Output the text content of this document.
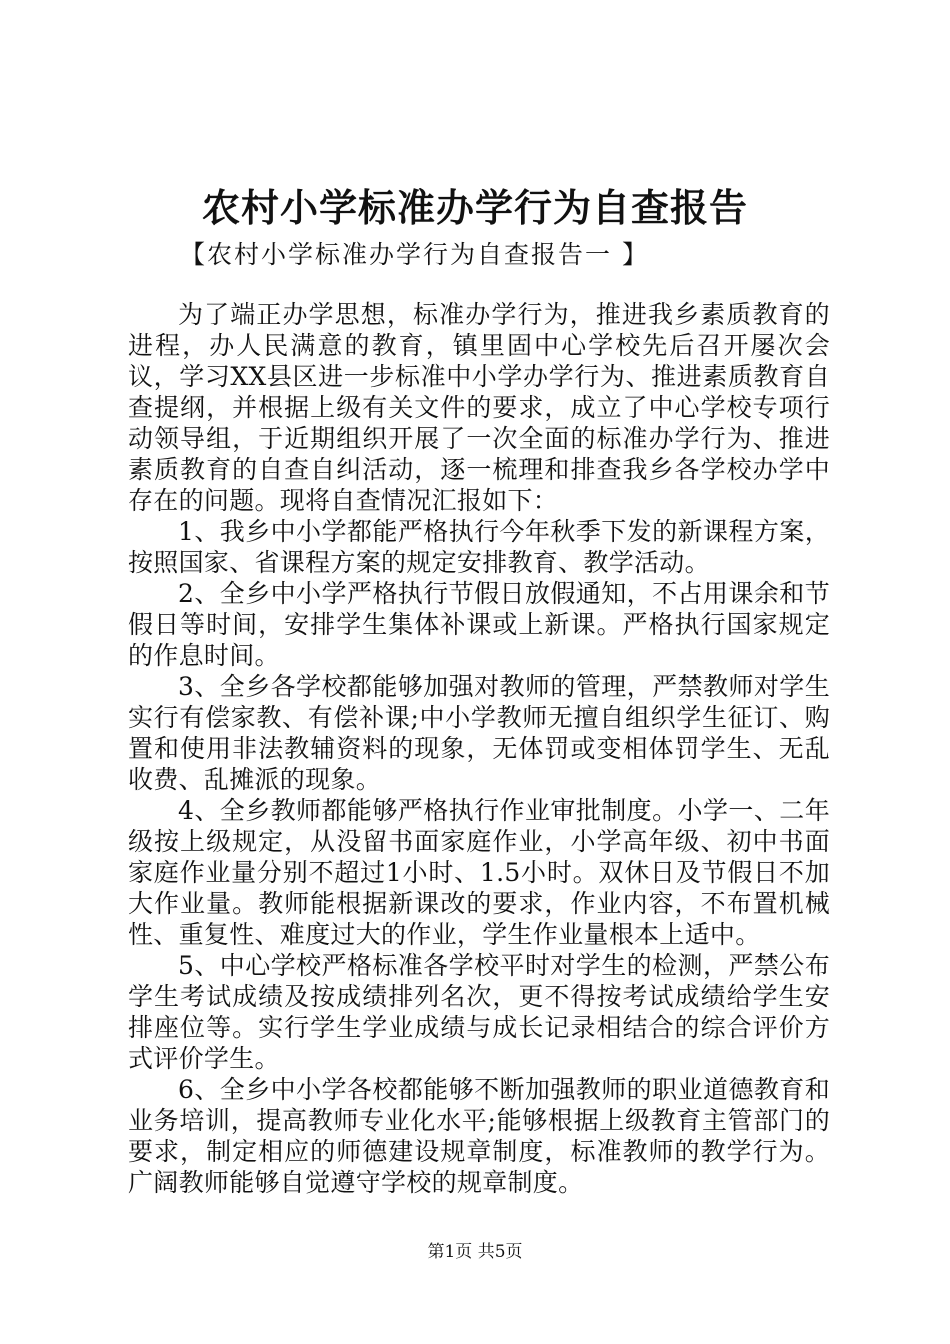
农村小学标准办学行为自查报告

【农村小学标准办学行为自查报告一 】

为了端正办学思想，标准办学行为，推进我乡素质教育的进程，办人民满意的教育，镇里固中心学校先后召开屡次会议，学习XX县区进一步标准中小学办学行为、推进素质教育自查提纲，并根据上级有关文件的要求，成立了中心学校专项行动领导组，于近期组织开展了一次全面的标准办学行为、推进素质教育的自查自纠活动，逐一梳理和排查我乡各学校办学中存在的问题。现将自查情况汇报如下：

1、我乡中小学都能严格执行今年秋季下发的新课程方案，按照国家、省课程方案的规定安排教育、教学活动。

2、全乡中小学严格执行节假日放假通知，不占用课余和节假日等时间，安排学生集体补课或上新课。严格执行国家规定的作息时间。

3、全乡各学校都能够加强对教师的管理，严禁教师对学生实行有偿家教、有偿补课;中小学教师无擅自组织学生征订、购置和使用非法教辅资料的现象，无体罚或变相体罚学生、无乱收费、乱摊派的现象。

4、全乡教师都能够严格执行作业审批制度。小学一、二年级按上级规定，从没留书面家庭作业，小学高年级、初中书面家庭作业量分别不超过1小时、1.5小时。双休日及节假日不加大作业量。教师能根据新课改的要求，作业内容，不布置机械性、重复性、难度过大的作业，学生作业量根本上适中。

5、中心学校严格标准各学校平时对学生的检测，严禁公布学生考试成绩及按成绩排列名次，更不得按考试成绩给学生安排座位等。实行学生学业成绩与成长记录相结合的综合评价方式评价学生。

6、全乡中小学各校都能够不断加强教师的职业道德教育和业务培训，提高教师专业化水平;能够根据上级教育主管部门的要求，制定相应的师德建设规章制度，标准教师的教学行为。广阔教师能够自觉遵守学校的规章制度。

第1页 共5页
